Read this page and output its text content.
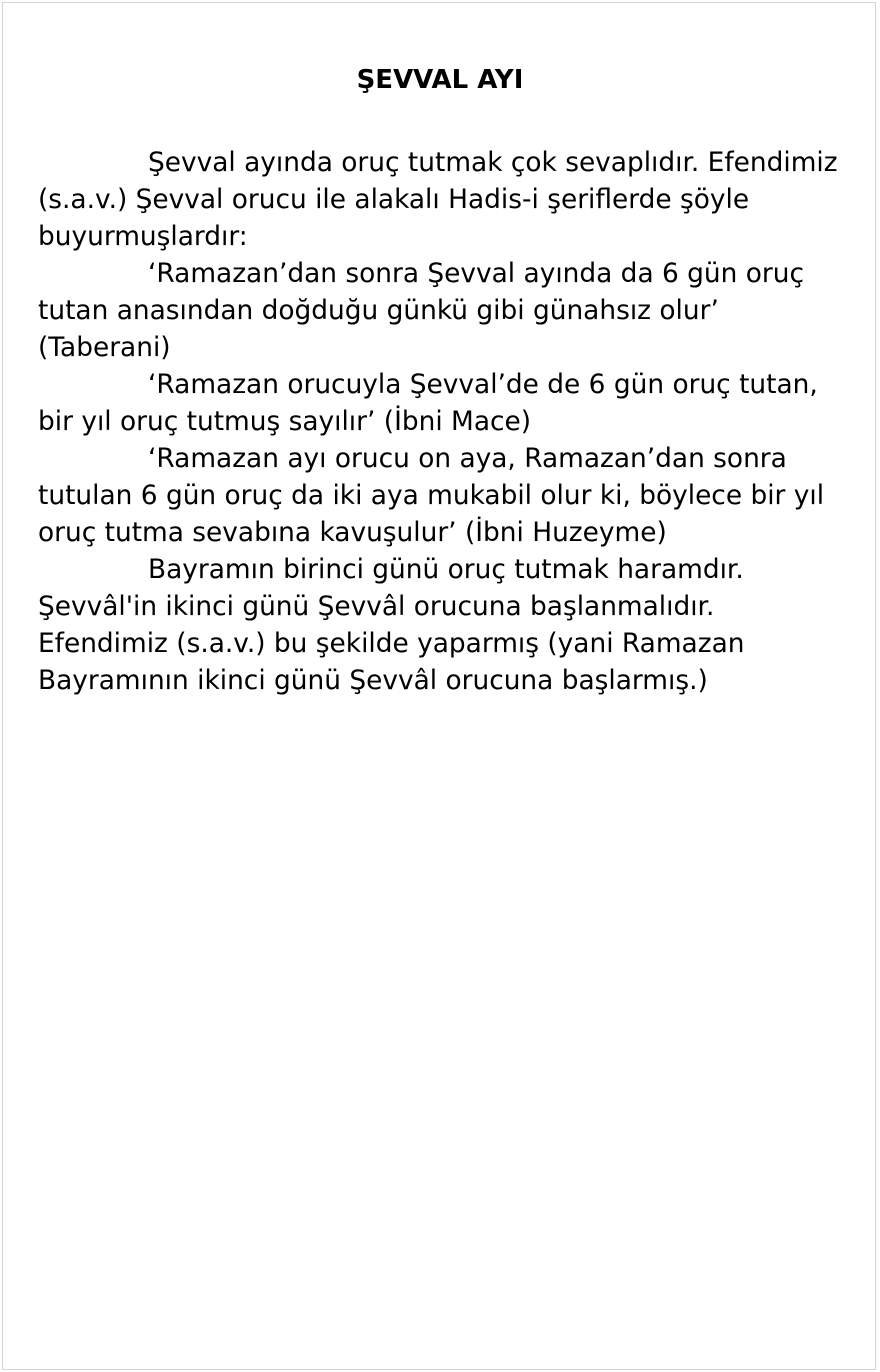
ŞEVVAL AYI

Şevval ayında oruç tutmak çok sevaplıdır. Efendimiz (s.a.v.) Şevval orucu ile alakalı Hadis-i şeriflerde şöyle buyurmuşlardır:

‘Ramazan’dan sonra Şevval ayında da 6 gün oruç tutan anasından doğduğu günkü gibi günahsız olur’ (Taberani)

‘Ramazan orucuyla Şevval’de de 6 gün oruç tutan, bir yıl oruç tutmuş sayılır’ (İbni Mace)

‘Ramazan ayı orucu on aya, Ramazan’dan sonra tutulan 6 gün oruç da iki aya mukabil olur ki, böylece bir yıl oruç tutma sevabına kavuşulur’ (İbni Huzeyme)

Bayramın birinci günü oruç tutmak haramdır. Şevvâl'in ikinci günü Şevvâl orucuna başlanmalıdır. Efendimiz (s.a.v.) bu şekilde yaparmış (yani Ramazan Bayramının ikinci günü Şevvâl orucuna başlarmış.)
